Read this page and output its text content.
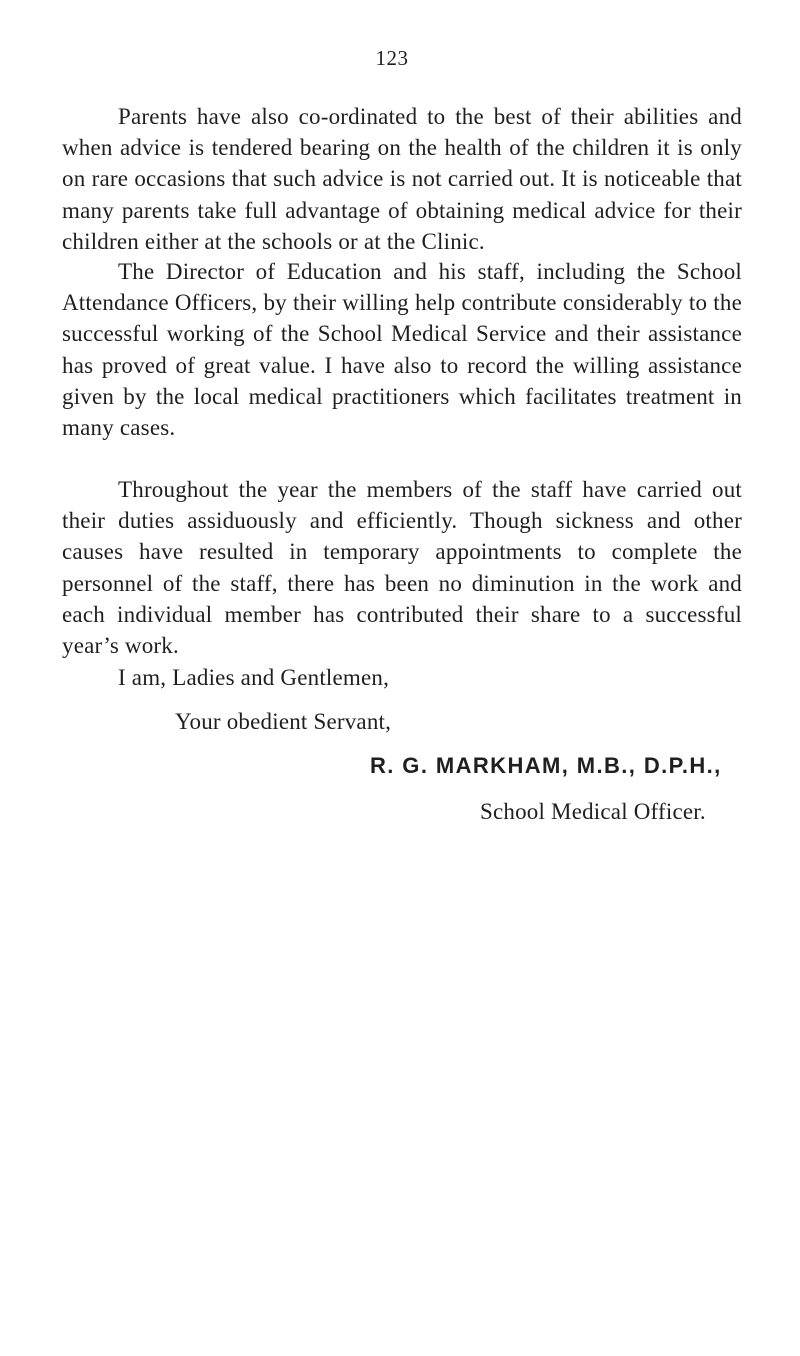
123

Parents have also co-ordinated to the best of their abilities and when advice is tendered bearing on the health of the children it is only on rare occasions that such advice is not carried out. It is noticeable that many parents take full advantage of obtaining medical advice for their children either at the schools or at the Clinic.

The Director of Education and his staff, including the School Attendance Officers, by their willing help contribute considerably to the successful working of the School Medical Service and their assistance has proved of great value. I have also to record the willing assistance given by the local medical practitioners which facilitates treatment in many cases.

Throughout the year the members of the staff have carried out their duties assiduously and efficiently. Though sickness and other causes have resulted in temporary appointments to complete the personnel of the staff, there has been no diminution in the work and each individual member has contributed their share to a successful year’s work.

I am, Ladies and Gentlemen,
Your obedient Servant,
R. G. MARKHAM, M.B., D.P.H.,
School Medical Officer.
